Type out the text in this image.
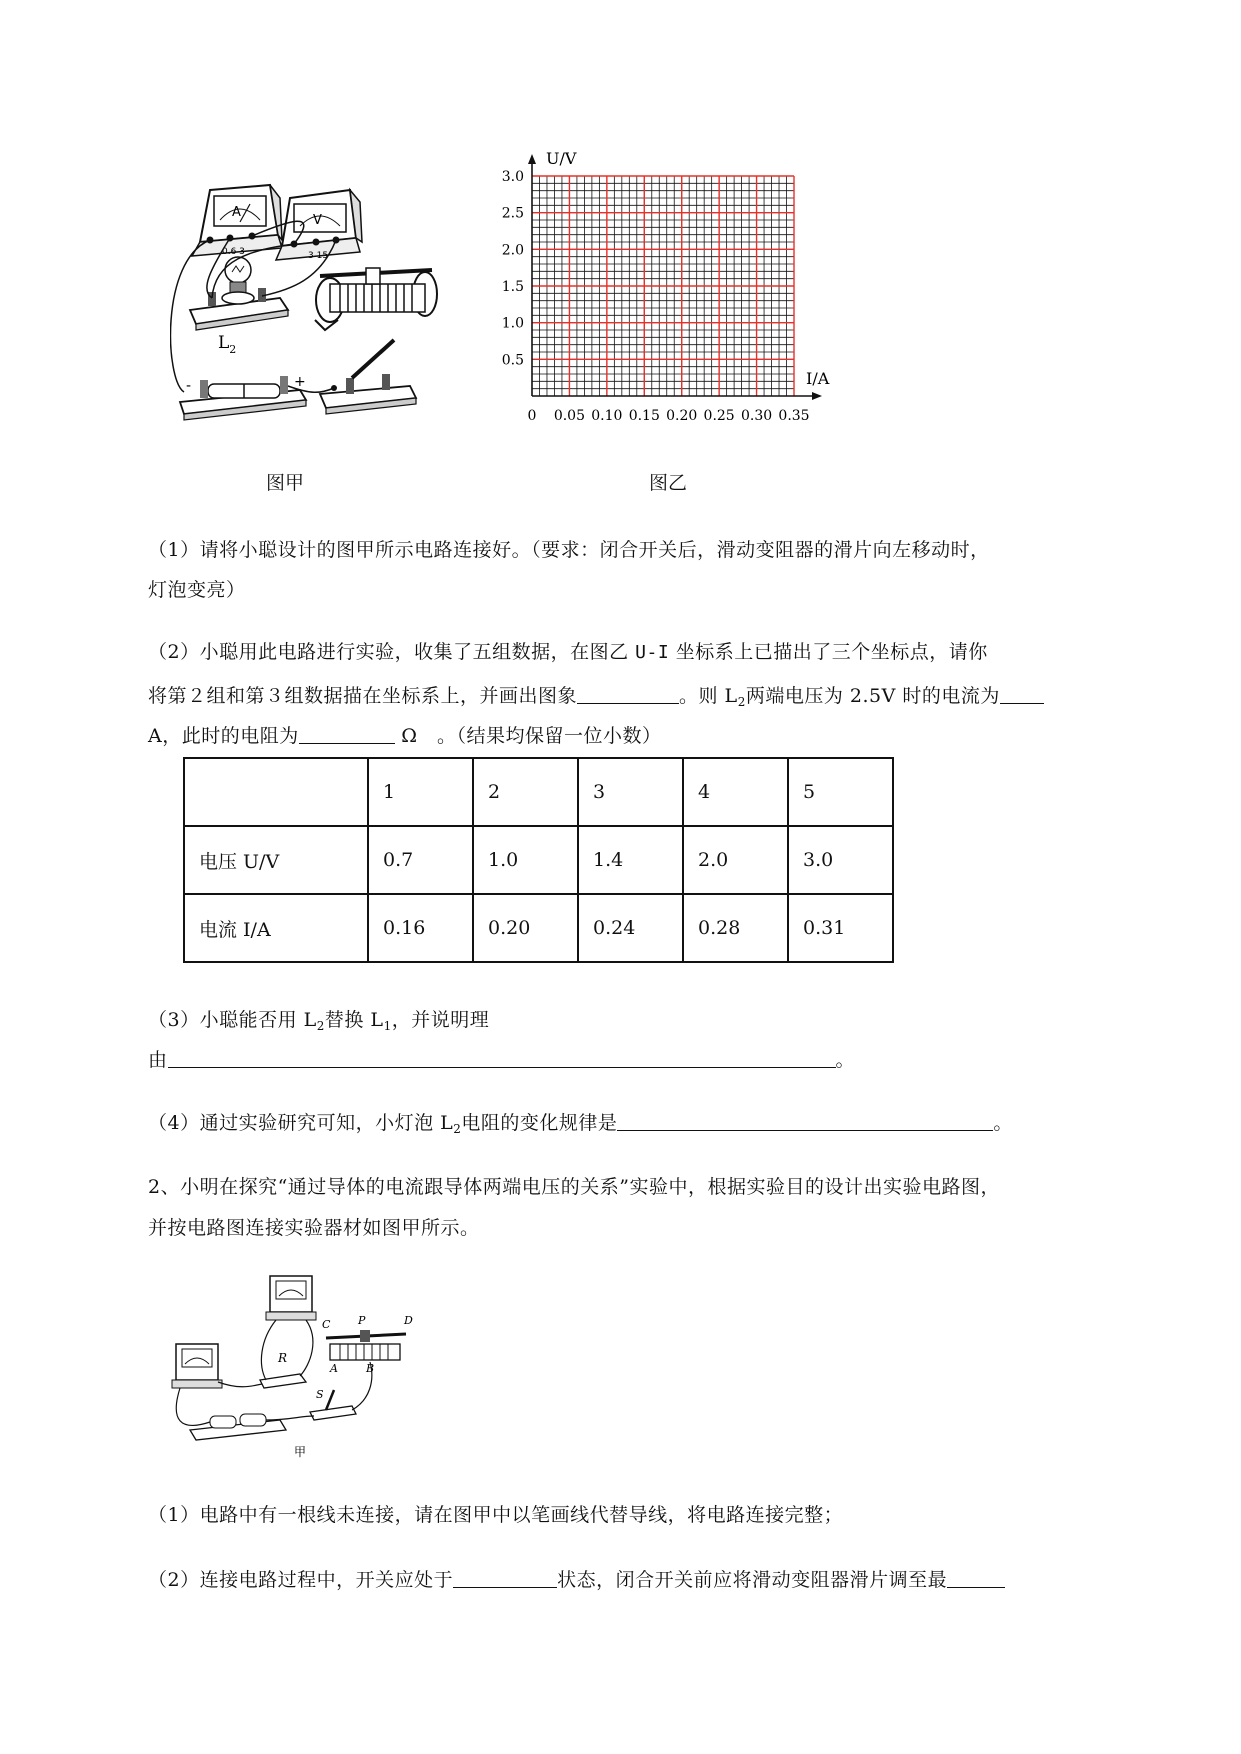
A
0.6 3
V
3 15
$L_2$
-	+
图甲
U/V
I/A
0.5
1.0
1.5
2.0
2.5
3.0
0 0.05 0.10 0.15 0.20 0.25 0.30 0.35
图乙
（1）请将小聪设计的图甲所示电路连接好。（要求：闭合开关后，滑动变阻器的滑片向左移动时，
灯泡变亮）
（2）小聪用此电路进行实验，收集了五组数据，在图乙 U-I 坐标系上已描出了三个坐标点，请你
将第２组和第３组数据描在坐标系上，并画出图象	。则 $L_2$两端电压为 2.5V 时的电流为
A，此时的电阻为	Ω　。（结果均保留一位小数）
	1	2	3	4	5
电压 U/V	0.7	1.0	1.4	2.0	3.0
电流 I/A	0.16	0.20	0.24	0.28	0.31
（3）小聪能否用 $L_2$替换 $L_1$，并说明理
由	。
（4）通过实验研究可知，小灯泡 $L_2$电阻的变化规律是	。
2、小明在探究“通过导体的电流跟导体两端电压的关系”实验中，根据实验目的设计出实验电路图，
并按电路图连接实验器材如图甲所示。
R
C	P	D
A	B
S
甲
（1）电路中有一根线未连接，请在图甲中以笔画线代替导线，将电路连接完整；
（2）连接电路过程中，开关应处于	状态，闭合开关前应将滑动变阻器滑片调至最
